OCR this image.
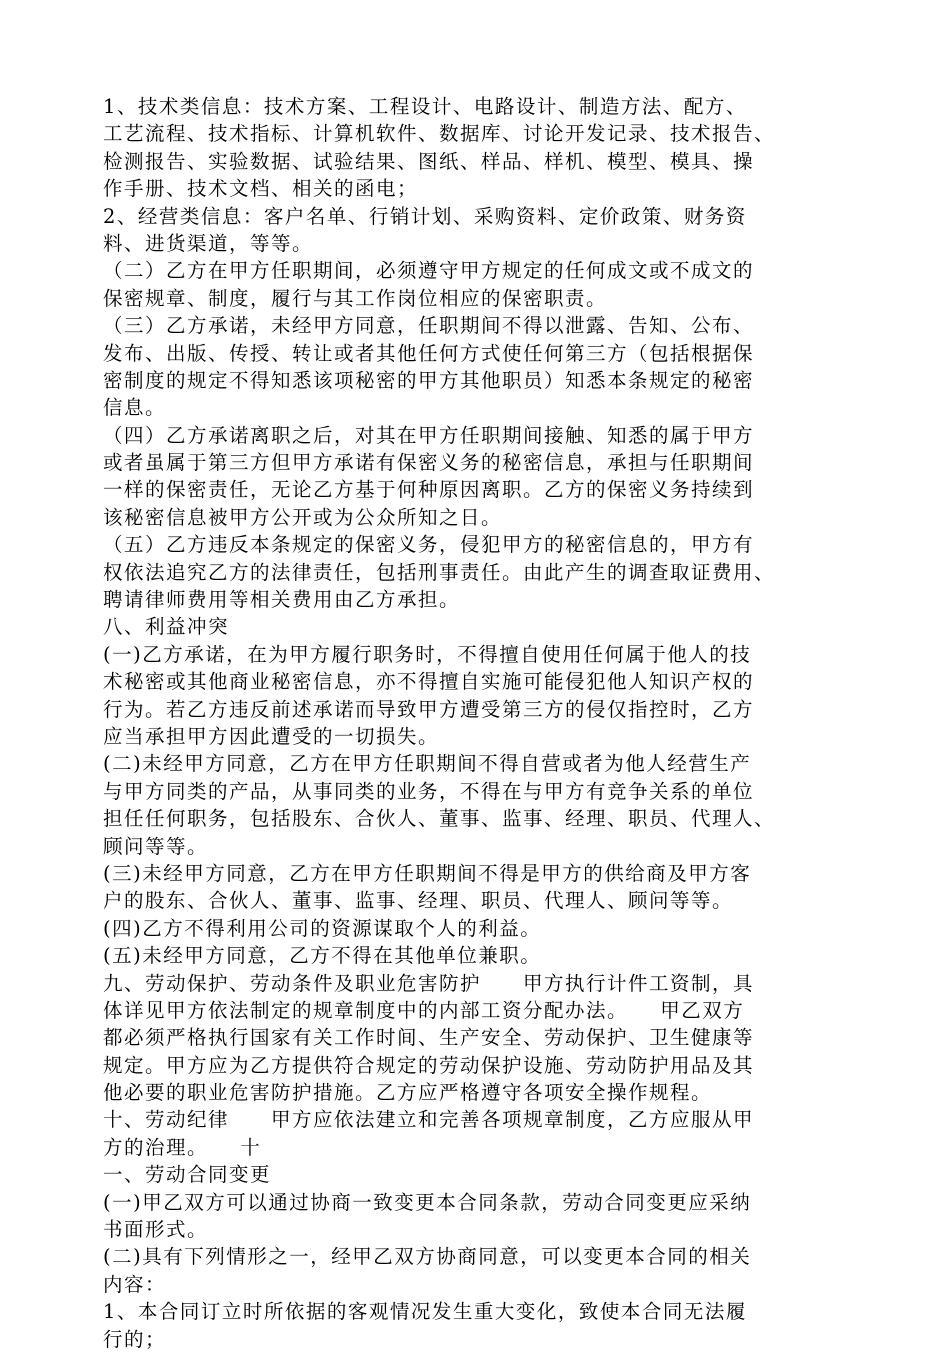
1、技术类信息：技术方案、工程设计、电路设计、制造方法、配方、
工艺流程、技术指标、计算机软件、数据库、讨论开发记录、技术报告、
检测报告、实验数据、试验结果、图纸、样品、样机、模型、模具、操
作手册、技术文档、相关的函电；
2、经营类信息：客户名单、行销计划、采购资料、定价政策、财务资
料、进货渠道，等等。
（二）乙方在甲方任职期间，必须遵守甲方规定的任何成文或不成文的
保密规章、制度，履行与其工作岗位相应的保密职责。
（三）乙方承诺，未经甲方同意，任职期间不得以泄露、告知、公布、
发布、出版、传授、转让或者其他任何方式使任何第三方（包括根据保
密制度的规定不得知悉该项秘密的甲方其他职员）知悉本条规定的秘密
信息。
（四）乙方承诺离职之后，对其在甲方任职期间接触、知悉的属于甲方
或者虽属于第三方但甲方承诺有保密义务的秘密信息，承担与任职期间
一样的保密责任，无论乙方基于何种原因离职。乙方的保密义务持续到
该秘密信息被甲方公开或为公众所知之日。
（五）乙方违反本条规定的保密义务，侵犯甲方的秘密信息的，甲方有
权依法追究乙方的法律责任，包括刑事责任。由此产生的调查取证费用、
聘请律师费用等相关费用由乙方承担。
八、利益冲突
(一)乙方承诺，在为甲方履行职务时，不得擅自使用任何属于他人的技
术秘密或其他商业秘密信息，亦不得擅自实施可能侵犯他人知识产权的
行为。若乙方违反前述承诺而导致甲方遭受第三方的侵仅指控时，乙方
应当承担甲方因此遭受的一切损失。
(二)未经甲方同意，乙方在甲方任职期间不得自营或者为他人经营生产
与甲方同类的产品，从事同类的业务，不得在与甲方有竞争关系的单位
担任任何职务，包括股东、合伙人、董事、监事、经理、职员、代理人、
顾问等等。
(三)未经甲方同意，乙方在甲方任职期间不得是甲方的供给商及甲方客
户的股东、合伙人、董事、监事、经理、职员、代理人、顾问等等。
(四)乙方不得利用公司的资源谋取个人的利益。
(五)未经甲方同意，乙方不得在其他单位兼职。
九、劳动保护、劳动条件及职业危害防护　　甲方执行计件工资制，具
体详见甲方依法制定的规章制度中的内部工资分配办法。　　甲乙双方
都必须严格执行国家有关工作时间、生产安全、劳动保护、卫生健康等
规定。甲方应为乙方提供符合规定的劳动保护设施、劳动防护用品及其
他必要的职业危害防护措施。乙方应严格遵守各项安全操作规程。
十、劳动纪律　　甲方应依法建立和完善各项规章制度，乙方应服从甲
方的治理。　　十
一、劳动合同变更
(一)甲乙双方可以通过协商一致变更本合同条款，劳动合同变更应采纳
书面形式。
(二)具有下列情形之一，经甲乙双方协商同意，可以变更本合同的相关
内容：
1、本合同订立时所依据的客观情况发生重大变化，致使本合同无法履
行的；
